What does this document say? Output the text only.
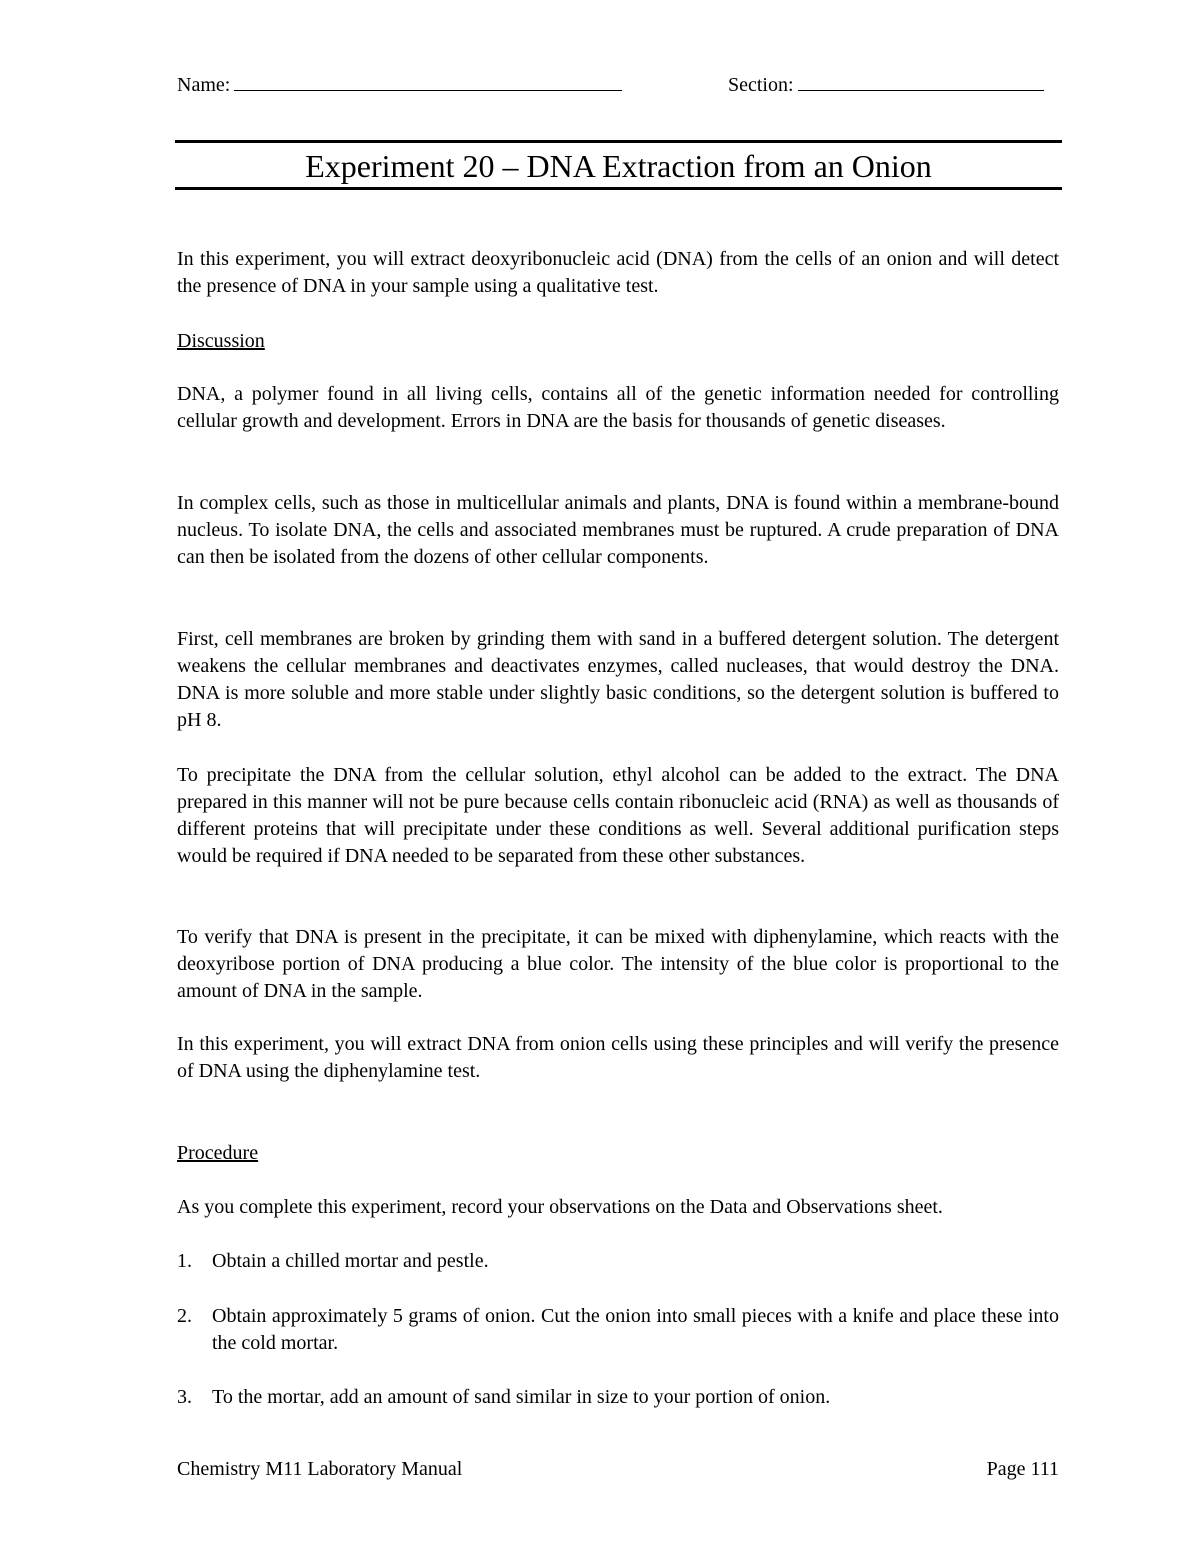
Name:	Section:
Experiment 20 – DNA Extraction from an Onion

In this experiment, you will extract deoxyribonucleic acid (DNA) from the cells of an onion and will detect the presence of DNA in your sample using a qualitative test.

Discussion

DNA, a polymer found in all living cells, contains all of the genetic information needed for controlling cellular growth and development. Errors in DNA are the basis for thousands of genetic diseases.

In complex cells, such as those in multicellular animals and plants, DNA is found within a membrane-bound nucleus. To isolate DNA, the cells and associated membranes must be ruptured. A crude preparation of DNA can then be isolated from the dozens of other cellular components.

First, cell membranes are broken by grinding them with sand in a buffered detergent solution. The detergent weakens the cellular membranes and deactivates enzymes, called nucleases, that would destroy the DNA. DNA is more soluble and more stable under slightly basic conditions, so the detergent solution is buffered to pH 8.

To precipitate the DNA from the cellular solution, ethyl alcohol can be added to the extract. The DNA prepared in this manner will not be pure because cells contain ribonucleic acid (RNA) as well as thousands of different proteins that will precipitate under these conditions as well. Several additional purification steps would be required if DNA needed to be separated from these other substances.

To verify that DNA is present in the precipitate, it can be mixed with diphenylamine, which reacts with the deoxyribose portion of DNA producing a blue color. The intensity of the blue color is proportional to the amount of DNA in the sample.

In this experiment, you will extract DNA from onion cells using these principles and will verify the presence of DNA using the diphenylamine test.

Procedure

As you complete this experiment, record your observations on the Data and Observations sheet.

1.	Obtain a chilled mortar and pestle.
2.	Obtain approximately 5 grams of onion. Cut the onion into small pieces with a knife and place these into the cold mortar.
3.	To the mortar, add an amount of sand similar in size to your portion of onion.
Chemistry M11 Laboratory Manual	Page 111
